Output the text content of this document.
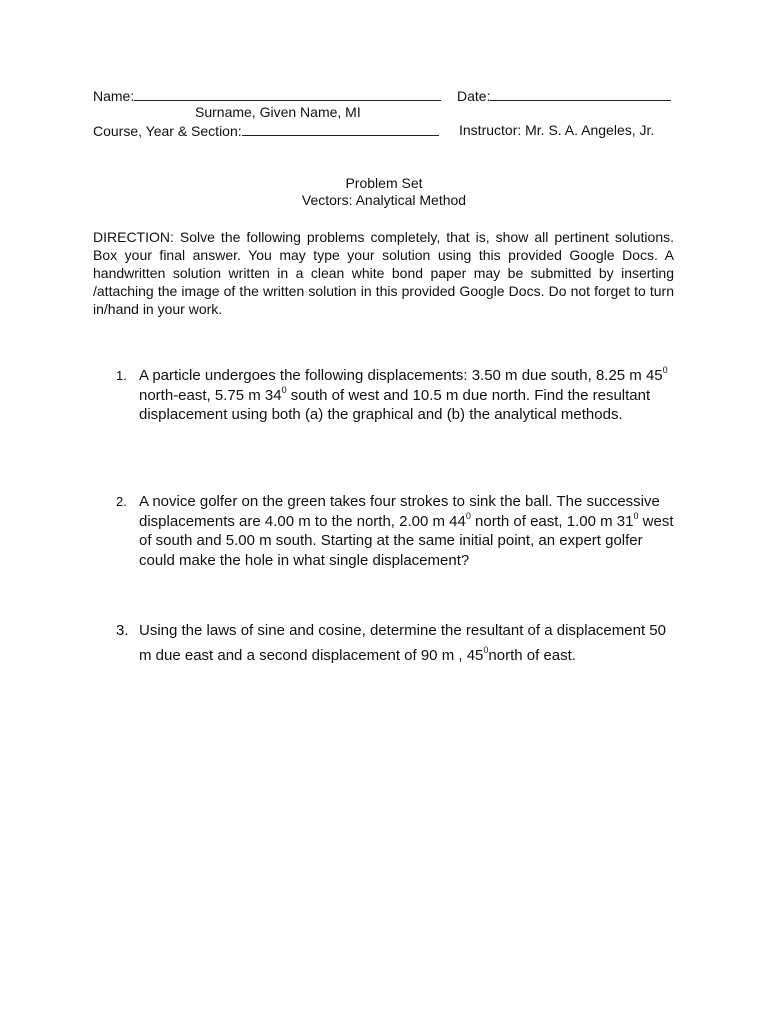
Name:	Date:
Surname, Given Name, MI
Course, Year & Section:	Instructor: Mr. S. A. Angeles, Jr.
Problem Set
Vectors: Analytical Method
DIRECTION: Solve the following problems completely, that is, show all pertinent solutions. Box your final answer. You may type your solution using this provided Google Docs. A handwritten solution written in a clean white bond paper may be submitted by inserting /attaching the image of the written solution in this provided Google Docs. Do not forget to turn in/hand in your work.
1. A particle undergoes the following displacements: 3.50 m due south, 8.25 m $45^0$ north-east, 5.75 m $34^0$ south of west and 10.5 m due north. Find the resultant displacement using both (a) the graphical and (b) the analytical methods.
2. A novice golfer on the green takes four strokes to sink the ball. The successive displacements are 4.00 m to the north, 2.00 m $44^0$ north of east, 1.00 m $31^0$ west of south and 5.00 m south. Starting at the same initial point, an expert golfer could make the hole in what single displacement?
3. Using the laws of sine and cosine, determine the resultant of a displacement 50 m due east and a second displacement of 90 m , $45^0north$ of east.
